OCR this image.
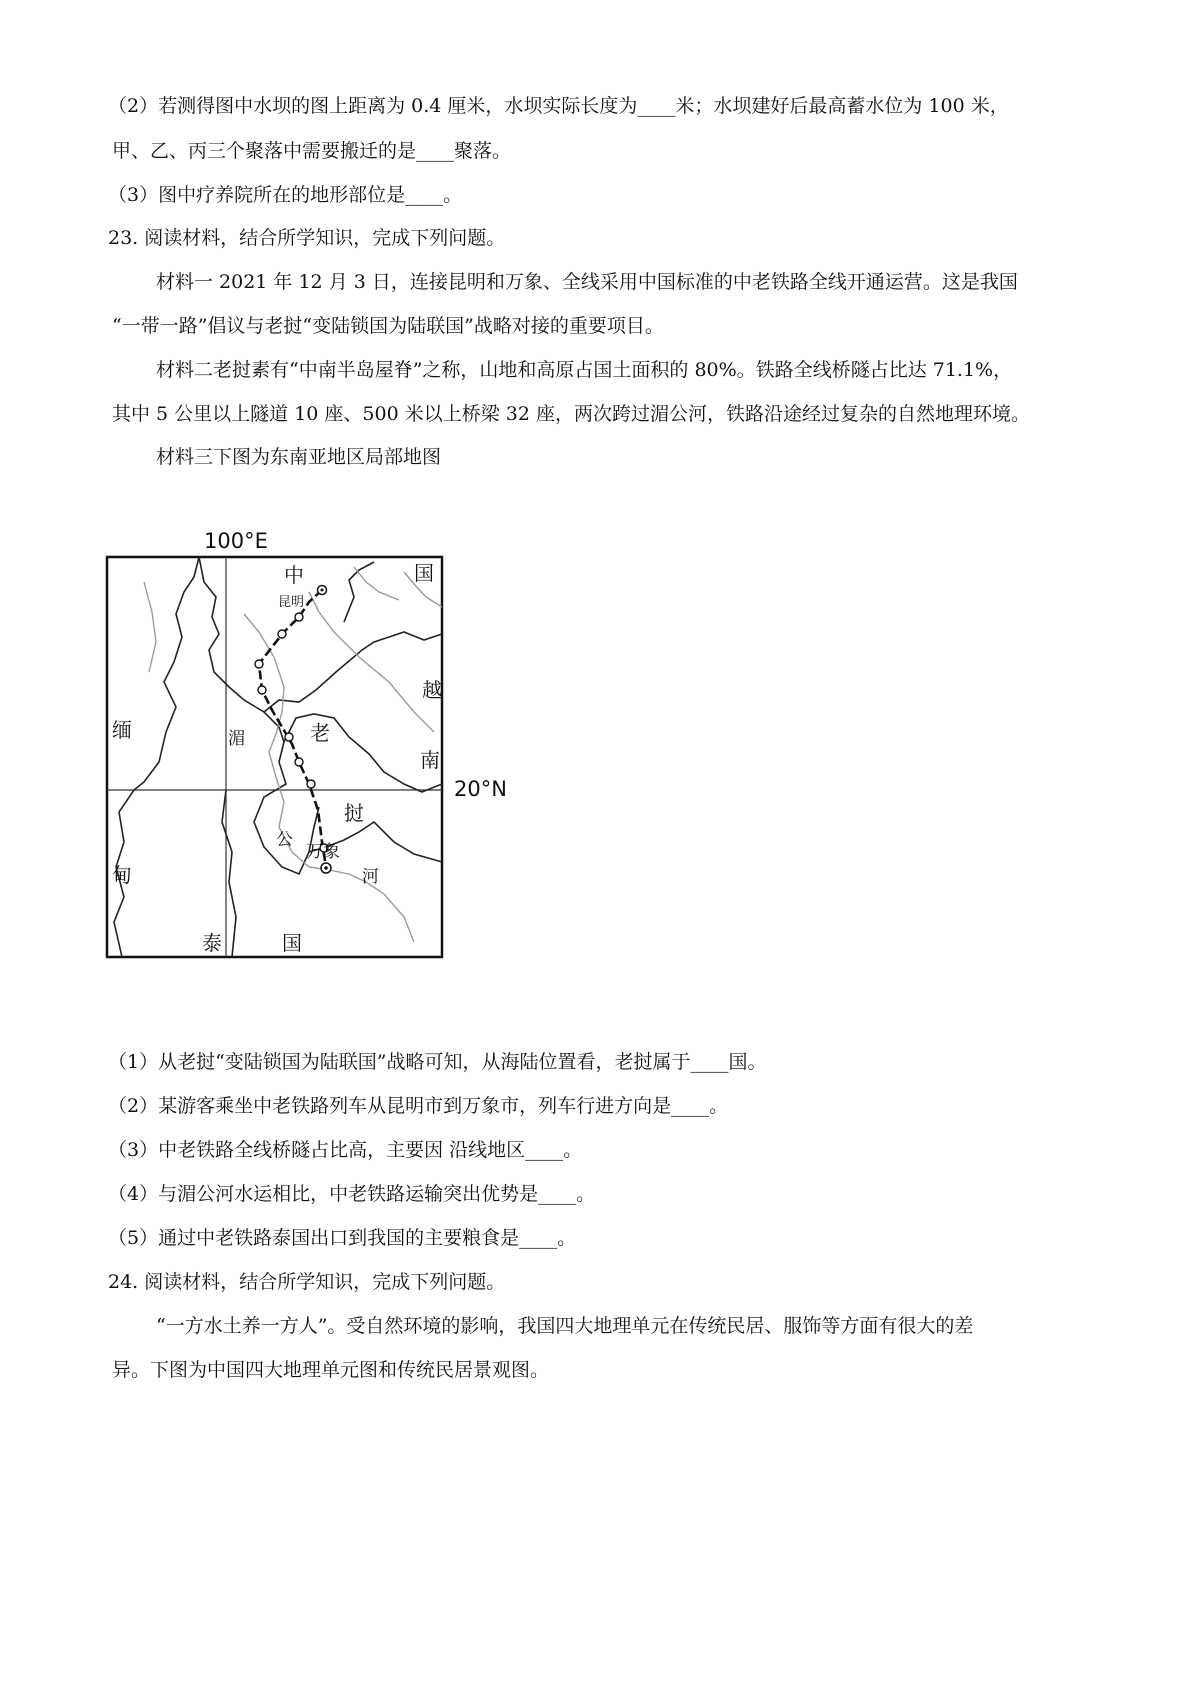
（2）若测得图中水坝的图上距离为 0.4 厘米，水坝实际长度为____米；水坝建好后最高蓄水位为 100 米，
甲、乙、丙三个聚落中需要搬迁的是____聚落。
（3）图中疗养院所在的地形部位是____。
23. 阅读材料，结合所学知识，完成下列问题。
材料一 2021 年 12 月 3 日，连接昆明和万象、全线采用中国标准的中老铁路全线开通运营。这是我国
“一带一路”倡议与老挝“变陆锁国为陆联国”战略对接的重要项目。
材料二老挝素有“中南半岛屋脊”之称，山地和高原占国土面积的 80%。铁路全线桥隧占比达 71.1%，
其中 5 公里以上隧道 10 座、500 米以上桥梁 32 座，两次跨过湄公河，铁路沿途经过复杂的自然地理环境。
材料三下图为东南亚地区局部地图
100°E
20°N
中	国
昆明
越
南
缅
甸
老
挝
湄
公
河
万象
泰	国
（1）从老挝“变陆锁国为陆联国”战略可知，从海陆位置看，老挝属于____国。
（2）某游客乘坐中老铁路列车从昆明市到万象市，列车行进方向是____。
（3）中老铁路全线桥隧占比高，主要因 沿线地区____。
（4）与湄公河水运相比，中老铁路运输突出优势是____。
（5）通过中老铁路泰国出口到我国的主要粮食是____。
24. 阅读材料，结合所学知识，完成下列问题。
“一方水土养一方人”。受自然环境的影响，我国四大地理单元在传统民居、服饰等方面有很大的差
异。下图为中国四大地理单元图和传统民居景观图。
